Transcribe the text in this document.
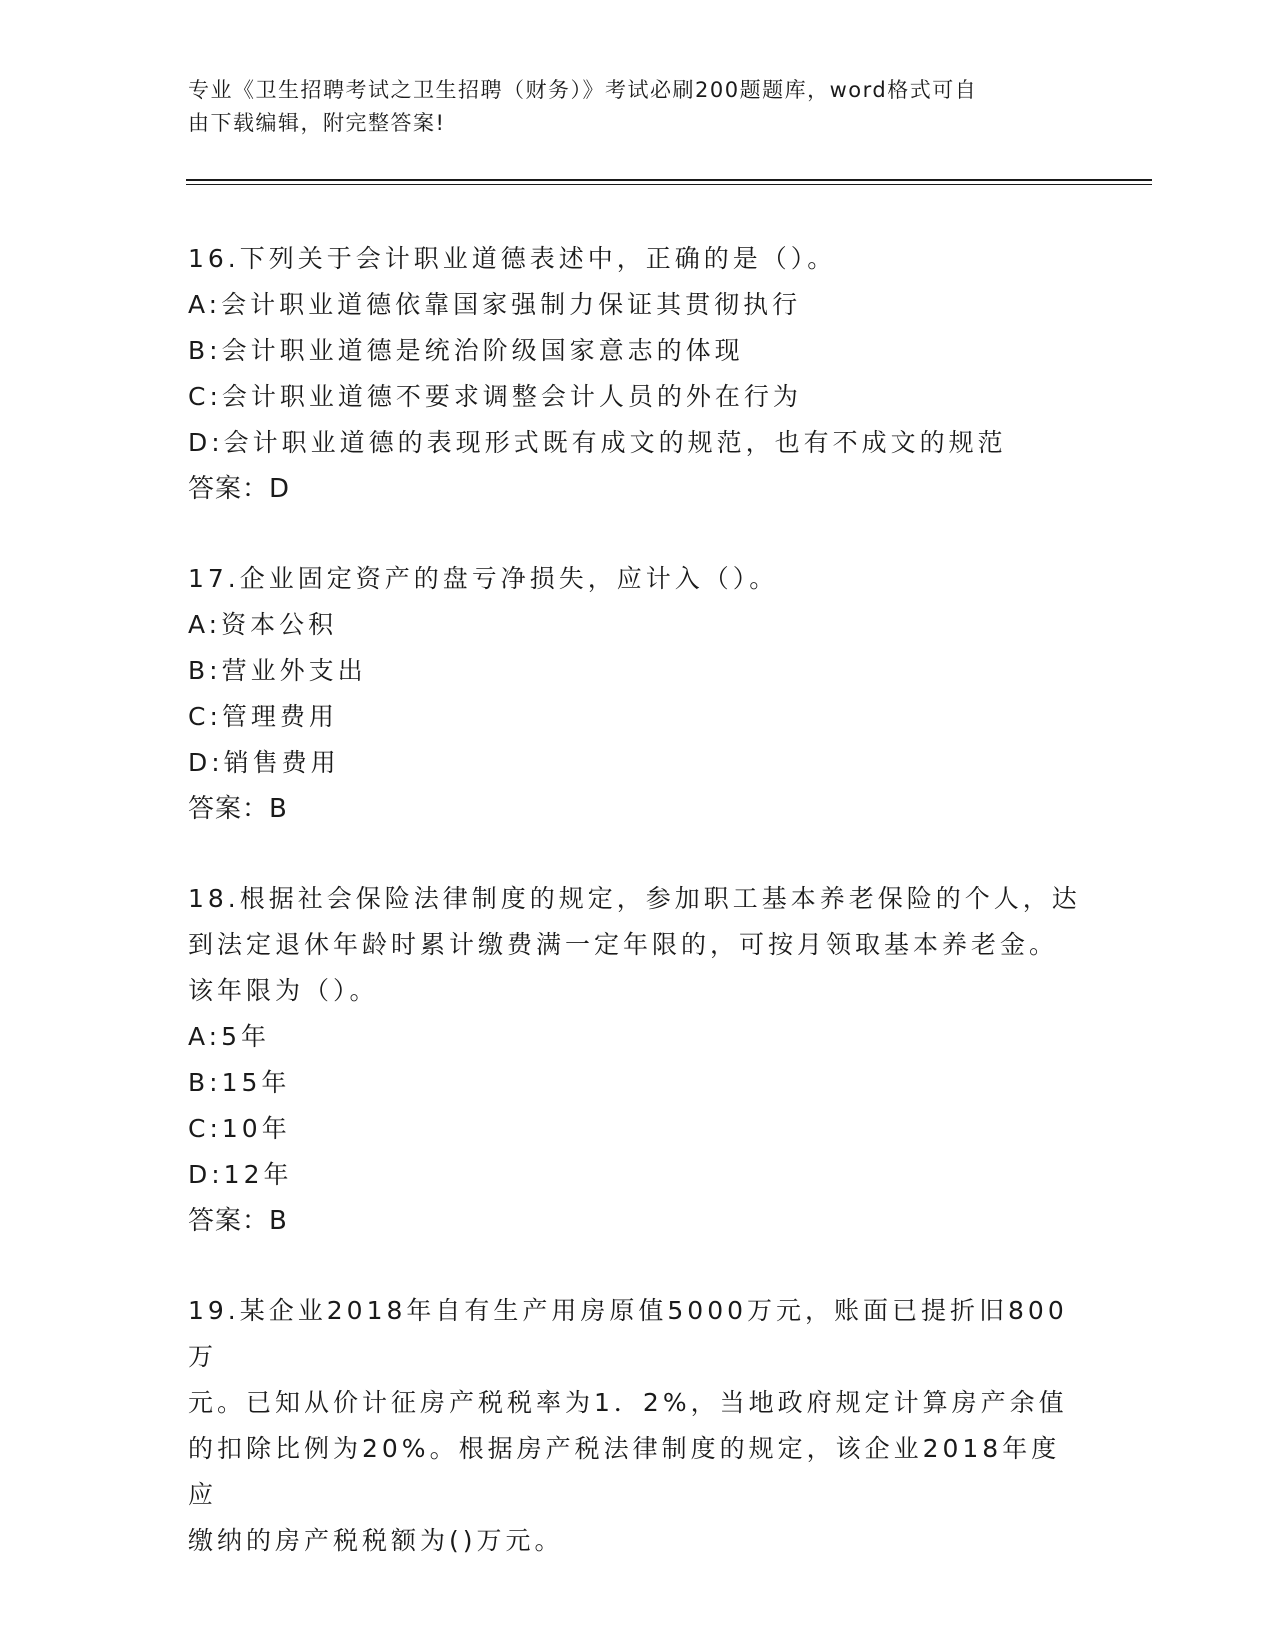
专业《卫生招聘考试之卫生招聘（财务）》考试必刷200题题库，word格式可自
由下载编辑，附完整答案!
16.下列关于会计职业道德表述中，正确的是（）。
A:会计职业道德依靠国家强制力保证其贯彻执行
B:会计职业道德是统治阶级国家意志的体现
C:会计职业道德不要求调整会计人员的外在行为
D:会计职业道德的表现形式既有成文的规范，也有不成文的规范
答案：D
17.企业固定资产的盘亏净损失，应计入（）。
A:资本公积
B:营业外支出
C:管理费用
D:销售费用
答案：B
18.根据社会保险法律制度的规定，参加职工基本养老保险的个人，达
到法定退休年龄时累计缴费满一定年限的，可按月领取基本养老金。
该年限为（）。
A:5年
B:15年
C:10年
D:12年
答案：B
19.某企业2018年自有生产用房原值5000万元，账面已提折旧800万
元。已知从价计征房产税税率为1．2%，当地政府规定计算房产余值
的扣除比例为20%。根据房产税法律制度的规定，该企业2018年度应
缴纳的房产税税额为()万元。
